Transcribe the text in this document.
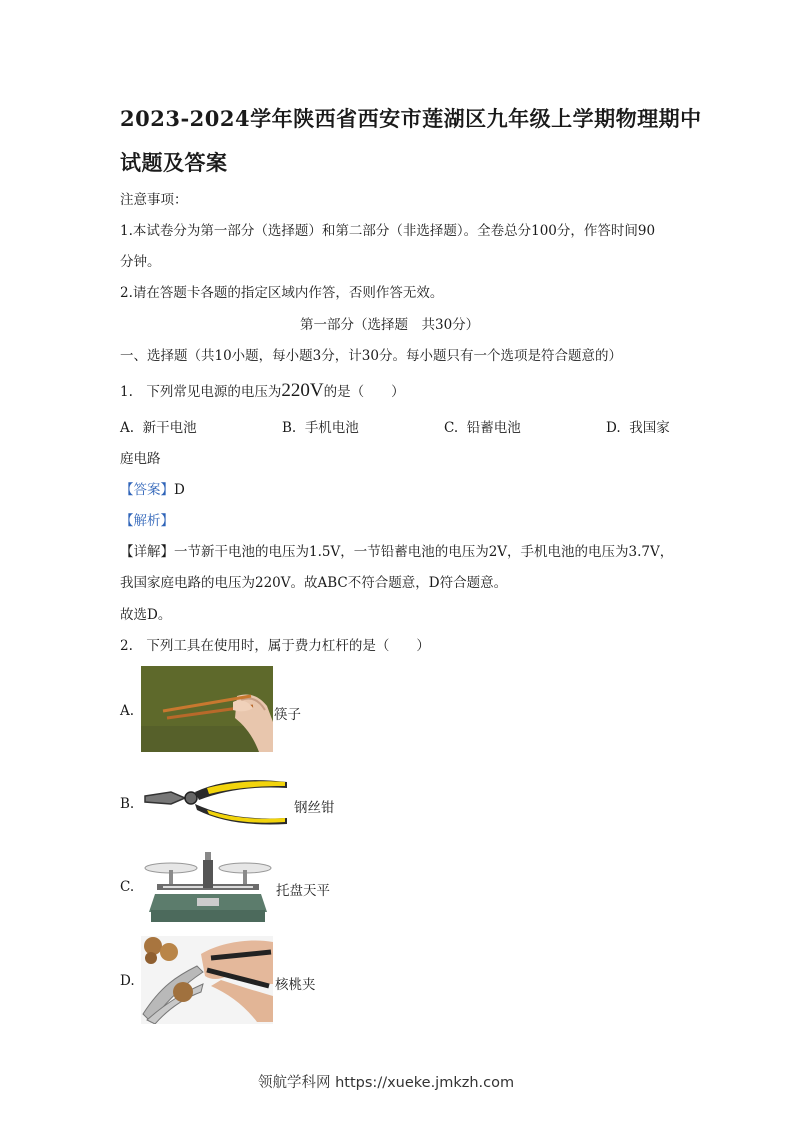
2023-2024学年陕西省西安市莲湖区九年级上学期物理期中
试题及答案
注意事项：
1.本试卷分为第一部分（选择题）和第二部分（非选择题）。全卷总分100分，作答时间90
分钟。
2.请在答题卡各题的指定区域内作答，否则作答无效。
第一部分（选择题　共30分）
一、选择题（共10小题，每小题3分，计30分。每小题只有一个选项是符合题意的）
1.　下列常见电源的电压为220V的是（　　）
A. 新干电池	B. 手机电池	C. 铅蓄电池	D. 我国家
庭电路
【答案】D
【解析】
【详解】一节新干电池的电压为1.5V，一节铅蓄电池的电压为2V，手机电池的电压为3.7V，
我国家庭电路的电压为220V。故ABC不符合题意，D符合题意。
故选D。
2.　下列工具在使用时，属于费力杠杆的是（　　）
A.	筷子
B.	钢丝钳
C.	托盘天平
D.	核桃夹
领航学科网 https://xueke.jmkzh.com
